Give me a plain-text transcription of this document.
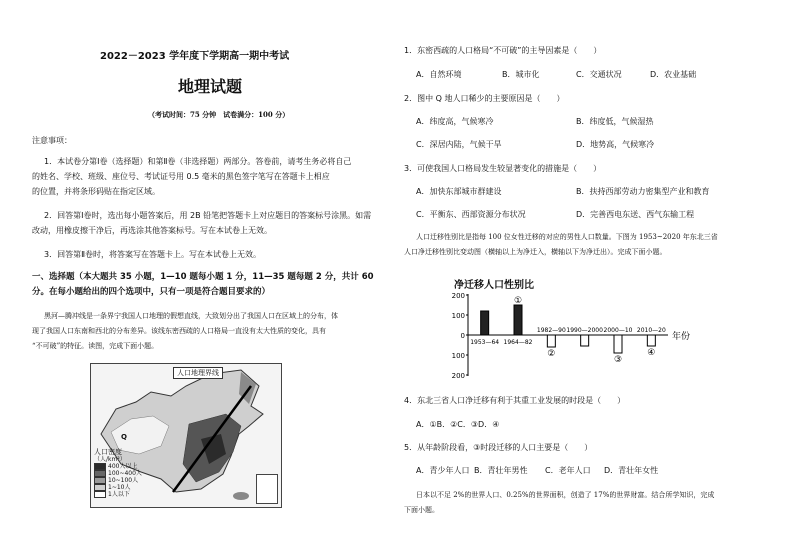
2022－2023 学年度下学期高一期中考试
地理试题
（考试时间：75 分钟　试卷满分：100 分）
注意事项：
1．本试卷分第Ⅰ卷（选择题）和第Ⅱ卷（非选择题）两部分。答卷前，请考生务必将自己
的姓名、学校、班级、座位号、考试证号用 0.5 毫米的黑色签字笔写在答题卡上相应
的位置，并将条形码贴在指定区域。
2．回答第Ⅰ卷时，选出每小题答案后，用 2B 铅笔把答题卡上对应题目的答案标号涂黑。如需
改动，用橡皮擦干净后，再选涂其他答案标号。写在本试卷上无效。
3．回答第Ⅱ卷时，将答案写在答题卡上。写在本试卷上无效。
一、选择题（本大题共 35 小题，1—10 题每小题 1 分，11—35 题每题 2 分，共计 60
分。在每小题给出的四个选项中，只有一项是符合题目要求的）
黑河—腾冲线是一条界宁我国人口地理的假想直线，大致划分出了我国人口在区域上的分布，体
现了我国人口东南和西北的分布差异。该线东密西疏的人口格局一直没有太大性质的变化，具有
“不可破”的特征。读图，完成下面小题。
人口地理界线
Q
人口密度
（人/km²）
400人以上
100~400人
10~100人
1~10人
1人以下
1．东密西疏的人口格局“不可破”的主导因素是（　　）
A．自然环境	B．城市化	C．交通状况	D．农业基础
2．图中 Q 地人口稀少的主要原因是（　　）
A．纬度高，气候寒冷	B．纬度低，气候湿热
C．深居内陆，气候干旱	D．地势高，气候寒冷
3．可使我国人口格局发生较显著变化的措施是（　　）
A．加快东部城市群建设	B．扶持西部劳动力密集型产业和教育
C．平衡东、西部资源分布状况	D．完善西电东送、西气东输工程
人口迁移性别比是指每 100 位女性迁移的对应的男性人口数量。下图为 1953~2020 年东北三省
人口净迁移性别比变动图（横轴以上为净迁入，横轴以下为净迁出）。完成下面小题。
净迁移人口性别比
200
100
0
100
200
年份
1953—64 1964—82
①
1982—90
②
1990—2000 2000—10
③
2010—20
④
4．东北三省人口净迁移有利于其重工业发展的时段是（　　）
A．①B．②C．③D．④
5．从年龄阶段看，③时段迁移的人口主要是（　　）
A．青少年人口 B．青壮年男性 C．老年人口 D．青壮年女性
日本以不足 2%的世界人口、0.25%的世界面积，创造了 17%的世界财富。结合所学知识，完成
下面小题。
